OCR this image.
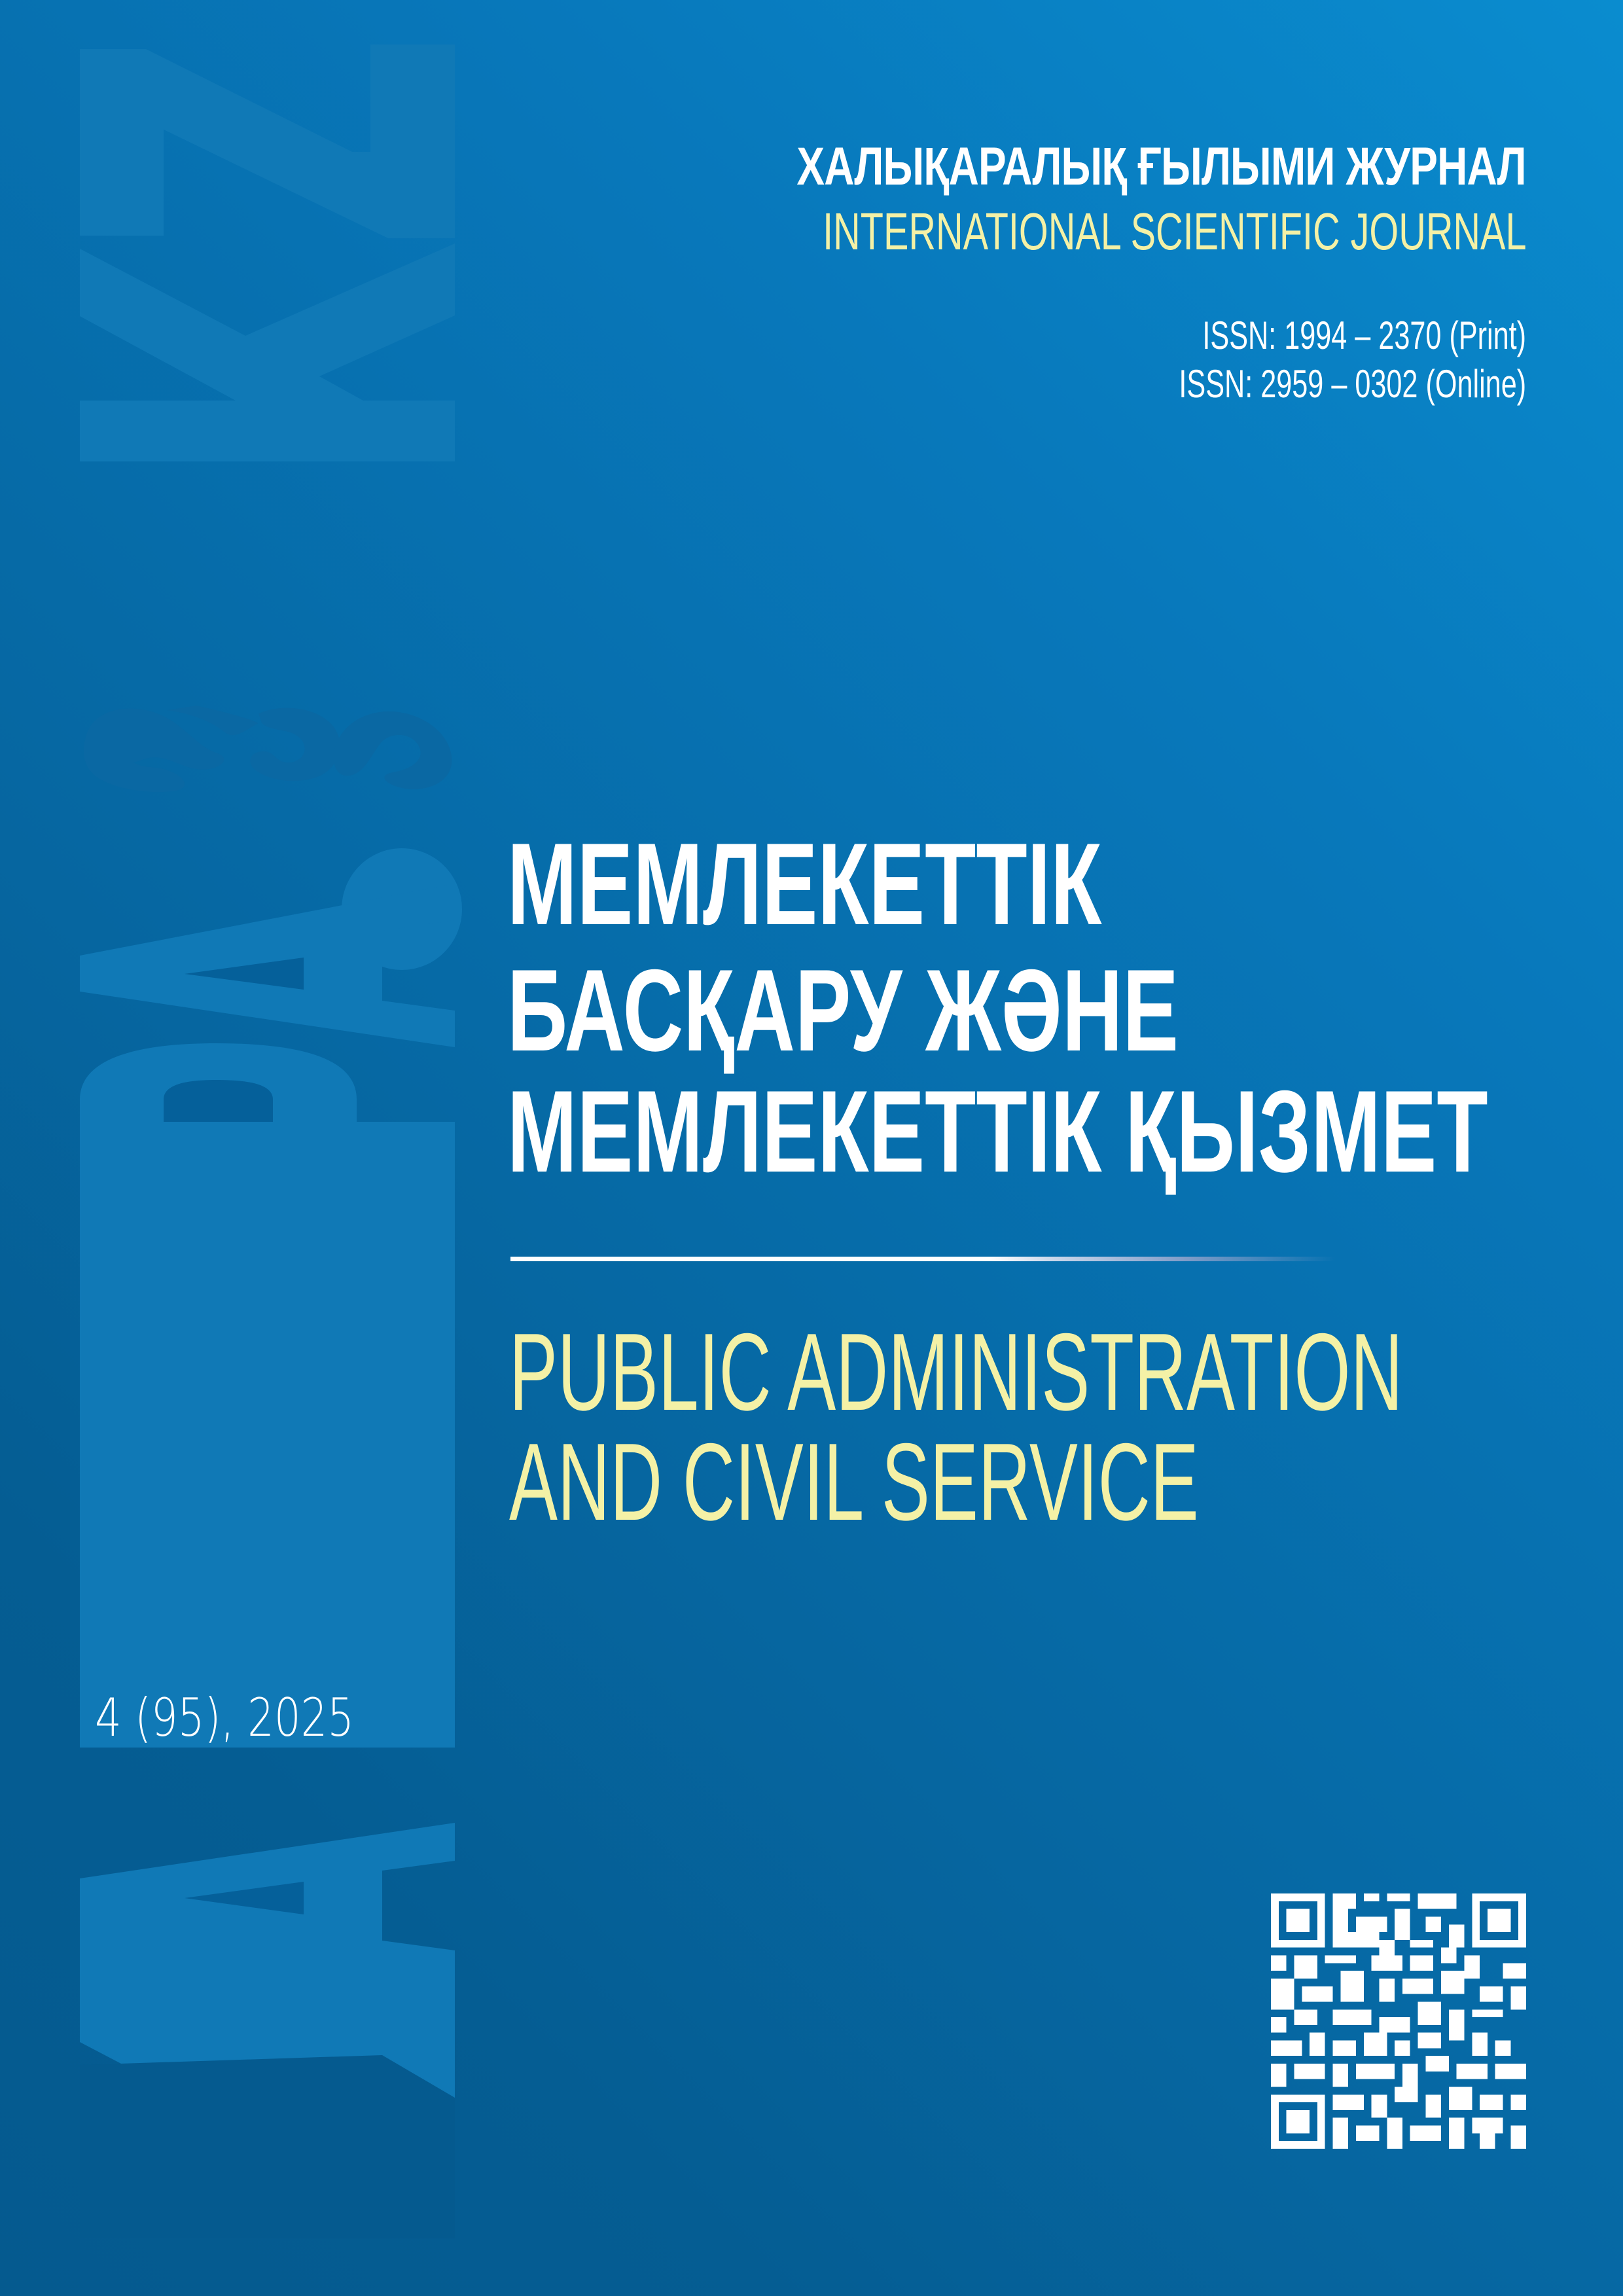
ХАЛЫҚАРАЛЫҚ ҒЫЛЫМИ ЖУРНАЛ
INTERNATIONAL SCIENTIFIC JOURNAL
ISSN: 1994 – 2370 (Print)
ISSN: 2959 – 0302 (Online)
МЕМЛЕКЕТТІК
БАСҚАРУ ЖӘНЕ
МЕМЛЕКЕТТІК ҚЫЗМЕТ
PUBLIC ADMINISTRATION
AND CIVIL SERVICE
4 (95), 2025
